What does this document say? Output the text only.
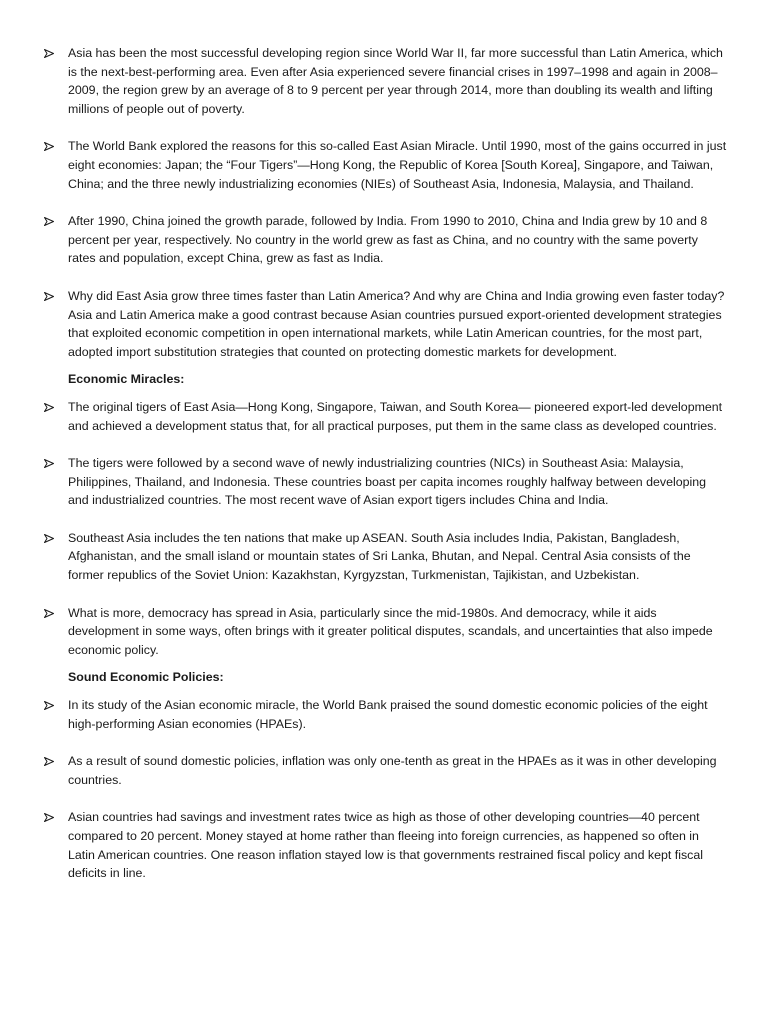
Asia has been the most successful developing region since World War II, far more successful than Latin America, which is the next-best-performing area. Even after Asia experienced severe financial crises in 1997–1998 and again in 2008–2009, the region grew by an average of 8 to 9 percent per year through 2014, more than doubling its wealth and lifting millions of people out of poverty.
The World Bank explored the reasons for this so-called East Asian Miracle. Until 1990, most of the gains occurred in just eight economies: Japan; the “Four Tigers”—Hong Kong, the Republic of Korea [South Korea], Singapore, and Taiwan, China; and the three newly industrializing economies (NIEs) of Southeast Asia, Indonesia, Malaysia, and Thailand.
After 1990, China joined the growth parade, followed by India. From 1990 to 2010, China and India grew by 10 and 8 percent per year, respectively. No country in the world grew as fast as China, and no country with the same poverty rates and population, except China, grew as fast as India.
Why did East Asia grow three times faster than Latin America? And why are China and India growing even faster today? Asia and Latin America make a good contrast because Asian countries pursued export-oriented development strategies that exploited economic competition in open international markets, while Latin American countries, for the most part, adopted import substitution strategies that counted on protecting domestic markets for development.
Economic Miracles:
The original tigers of East Asia—Hong Kong, Singapore, Taiwan, and South Korea— pioneered export-led development and achieved a development status that, for all practical purposes, put them in the same class as developed countries.
The tigers were followed by a second wave of newly industrializing countries (NICs) in Southeast Asia: Malaysia, Philippines, Thailand, and Indonesia. These countries boast per capita incomes roughly halfway between developing and industrialized countries. The most recent wave of Asian export tigers includes China and India.
Southeast Asia includes the ten nations that make up ASEAN. South Asia includes India, Pakistan, Bangladesh, Afghanistan, and the small island or mountain states of Sri Lanka, Bhutan, and Nepal. Central Asia consists of the former republics of the Soviet Union: Kazakhstan, Kyrgyzstan, Turkmenistan, Tajikistan, and Uzbekistan.
What is more, democracy has spread in Asia, particularly since the mid-1980s. And democracy, while it aids development in some ways, often brings with it greater political disputes, scandals, and uncertainties that also impede economic policy.
Sound Economic Policies:
In its study of the Asian economic miracle, the World Bank praised the sound domestic economic policies of the eight high-performing Asian economies (HPAEs).
As a result of sound domestic policies, inflation was only one-tenth as great in the HPAEs as it was in other developing countries.
Asian countries had savings and investment rates twice as high as those of other developing countries—40 percent compared to 20 percent. Money stayed at home rather than fleeing into foreign currencies, as happened so often in Latin American countries. One reason inflation stayed low is that governments restrained fiscal policy and kept fiscal deficits in line.
